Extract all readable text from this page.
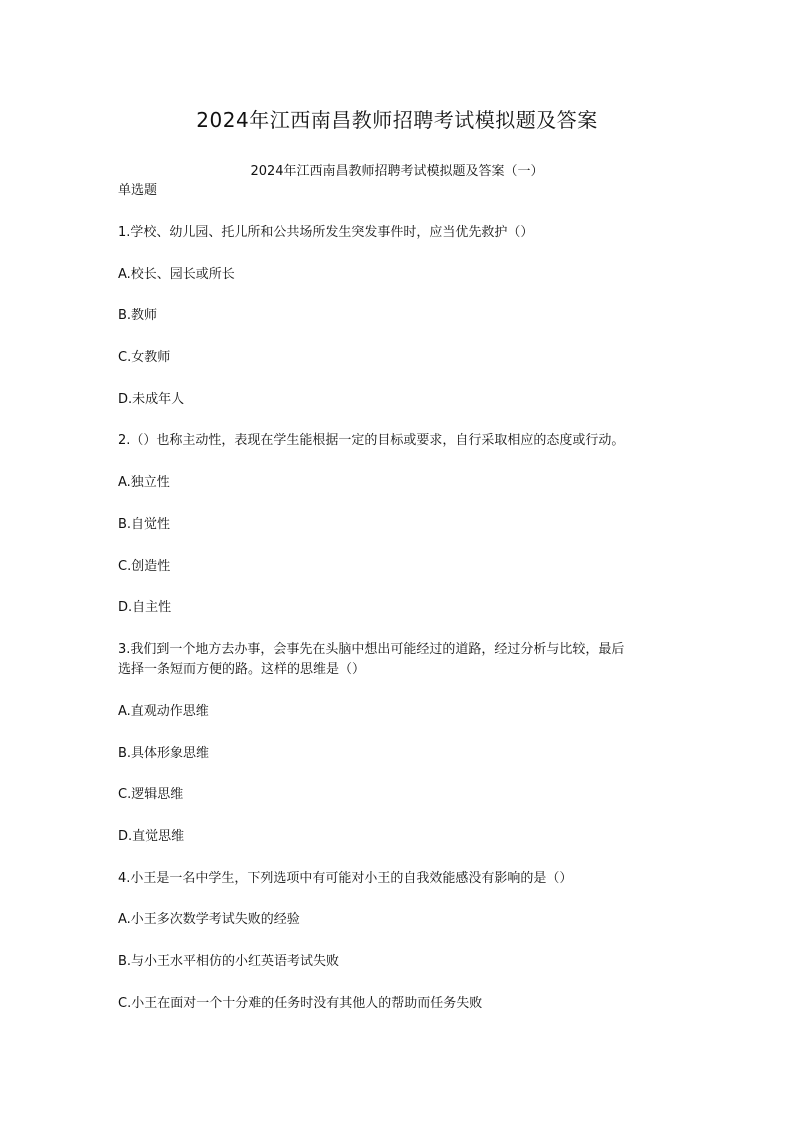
2024年江西南昌教师招聘考试模拟题及答案
2024年江西南昌教师招聘考试模拟题及答案（一）
单选题
1.学校、幼儿园、托儿所和公共场所发生突发事件时，应当优先救护（）
A.校长、园长或所长
B.教师
C.女教师
D.未成年人
2.（）也称主动性，表现在学生能根据一定的目标或要求，自行采取相应的态度或行动。
A.独立性
B.自觉性
C.创造性
D.自主性
3.我们到一个地方去办事，会事先在头脑中想出可能经过的道路，经过分析与比较，最后
选择一条短而方便的路。这样的思维是（）
A.直观动作思维
B.具体形象思维
C.逻辑思维
D.直觉思维
4.小王是一名中学生，下列选项中有可能对小王的自我效能感没有影响的是（）
A.小王多次数学考试失败的经验
B.与小王水平相仿的小红英语考试失败
C.小王在面对一个十分难的任务时没有其他人的帮助而任务失败
